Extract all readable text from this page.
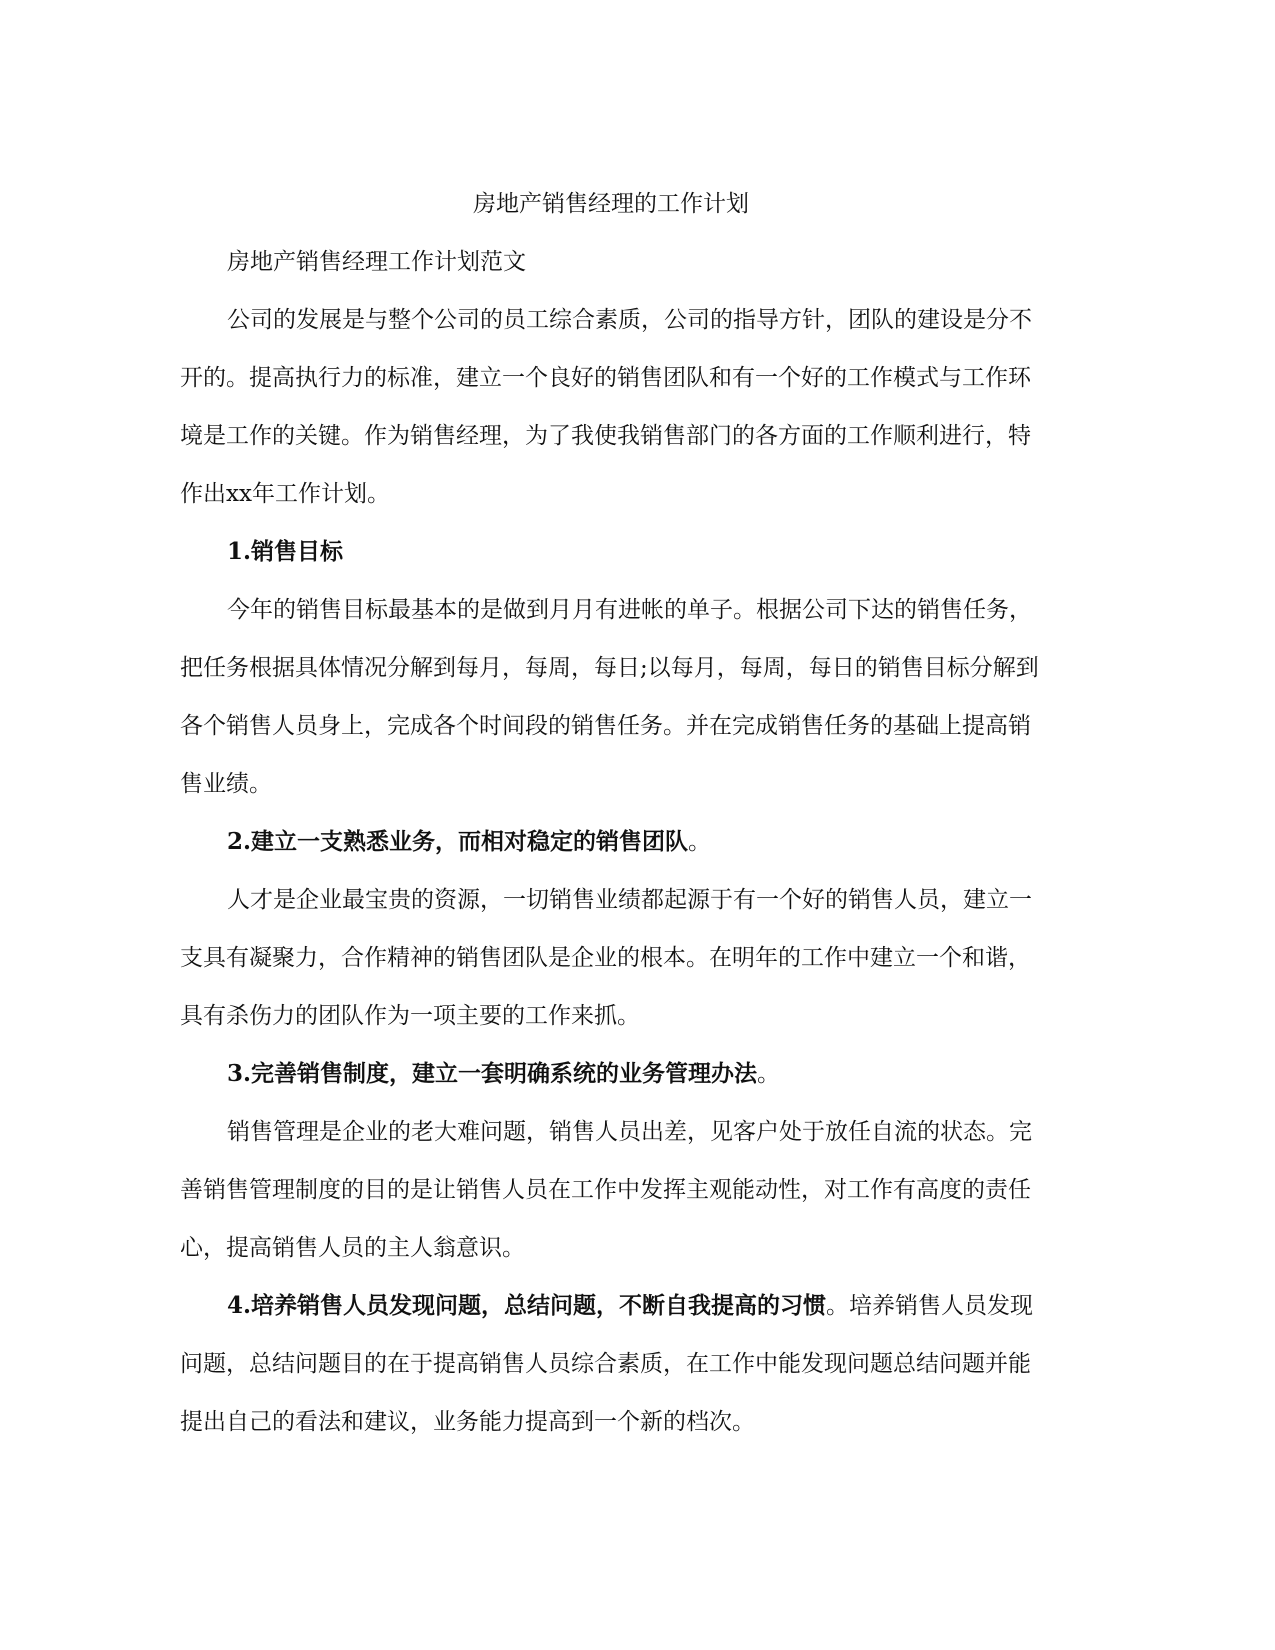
房地产销售经理的工作计划

房地产销售经理工作计划范文

公司的发展是与整个公司的员工综合素质，公司的指导方针，团队的建设是分不开的。提高执行力的标准，建立一个良好的销售团队和有一个好的工作模式与工作环境是工作的关键。作为销售经理，为了我使我销售部门的各方面的工作顺利进行，特作出xx年工作计划。

1.销售目标

今年的销售目标最基本的是做到月月有进帐的单子。根据公司下达的销售任务，把任务根据具体情况分解到每月，每周，每日;以每月，每周，每日的销售目标分解到各个销售人员身上，完成各个时间段的销售任务。并在完成销售任务的基础上提高销售业绩。

2.建立一支熟悉业务，而相对稳定的销售团队。

人才是企业最宝贵的资源，一切销售业绩都起源于有一个好的销售人员，建立一支具有凝聚力，合作精神的销售团队是企业的根本。在明年的工作中建立一个和谐，具有杀伤力的团队作为一项主要的工作来抓。

3.完善销售制度，建立一套明确系统的业务管理办法。

销售管理是企业的老大难问题，销售人员出差，见客户处于放任自流的状态。完善销售管理制度的目的是让销售人员在工作中发挥主观能动性，对工作有高度的责任心，提高销售人员的主人翁意识。

4.培养销售人员发现问题，总结问题，不断自我提高的习惯。培养销售人员发现问题，总结问题目的在于提高销售人员综合素质，在工作中能发现问题总结问题并能提出自己的看法和建议，业务能力提高到一个新的档次。
